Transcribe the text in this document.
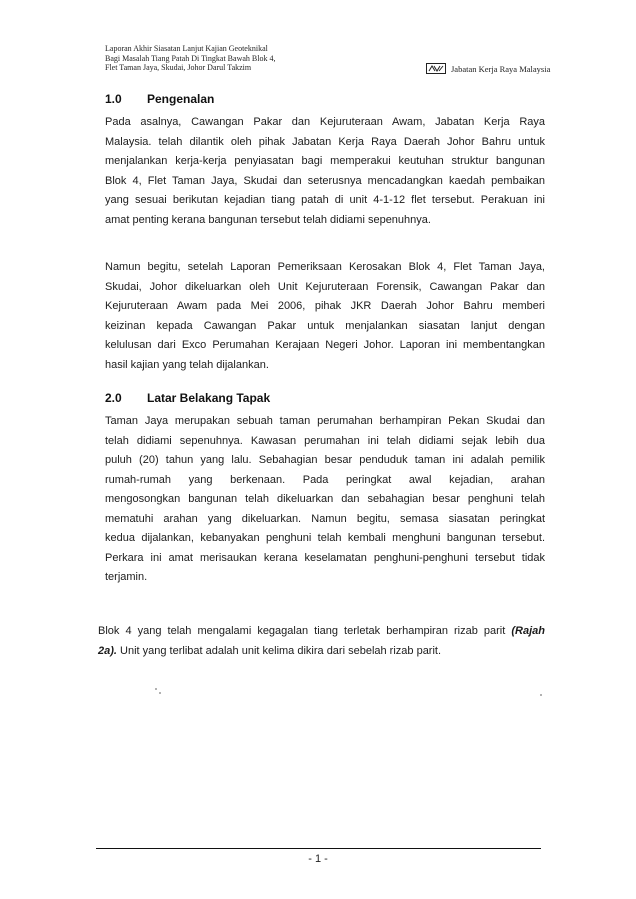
Laporan Akhir Siasatan Lanjut Kajian Geoteknikal
Bagi Masalah Tiang Patah Di Tingkat Bawah Blok 4,
Flet Taman Jaya, Skudai, Johor Darul Takzim	Jabatan Kerja Raya Malaysia
1.0 Pengenalan
Pada asalnya, Cawangan Pakar dan Kejuruteraan Awam, Jabatan Kerja Raya
Malaysia. telah dilantik oleh pihak Jabatan Kerja Raya Daerah Johor Bahru untuk
menjalankan kerja-kerja penyiasatan bagi memperakui keutuhan struktur bangunan
Blok 4, Flet Taman Jaya, Skudai dan seterusnya mencadangkan kaedah pembaikan
yang sesuai berikutan kejadian tiang patah di unit 4-1-12 flet tersebut. Perakuan ini
amat penting kerana bangunan tersebut telah didiami sepenuhnya.
Namun begitu, setelah Laporan Pemeriksaan Kerosakan Blok 4, Flet Taman Jaya,
Skudai, Johor dikeluarkan oleh Unit Kejuruteraan Forensik, Cawangan Pakar dan
Kejuruteraan Awam pada Mei 2006, pihak JKR Daerah Johor Bahru memberi
keizinan kepada Cawangan Pakar untuk menjalankan siasatan lanjut dengan
kelulusan dari Exco Perumahan Kerajaan Negeri Johor. Laporan ini membentangkan
hasil kajian yang telah dijalankan.
2.0 Latar Belakang Tapak
Taman Jaya merupakan sebuah taman perumahan berhampiran Pekan Skudai dan
telah didiami sepenuhnya. Kawasan perumahan ini telah didiami sejak lebih dua
puluh (20) tahun yang lalu. Sebahagian besar penduduk taman ini adalah pemilik
rumah-rumah yang berkenaan. Pada peringkat awal kejadian, arahan
mengosongkan bangunan telah dikeluarkan dan sebahagian besar penghuni telah
mematuhi arahan yang dikeluarkan. Namun begitu, semasa siasatan peringkat
kedua dijalankan, kebanyakan penghuni telah kembali menghuni bangunan tersebut.
Perkara ini amat merisaukan kerana keselamatan penghuni-penghuni tersebut tidak
terjamin.
Blok 4 yang telah mengalami kegagalan tiang terletak berhampiran rizab parit (Rajah
2a). Unit yang terlibat adalah unit kelima dikira dari sebelah rizab parit.
- 1 -
